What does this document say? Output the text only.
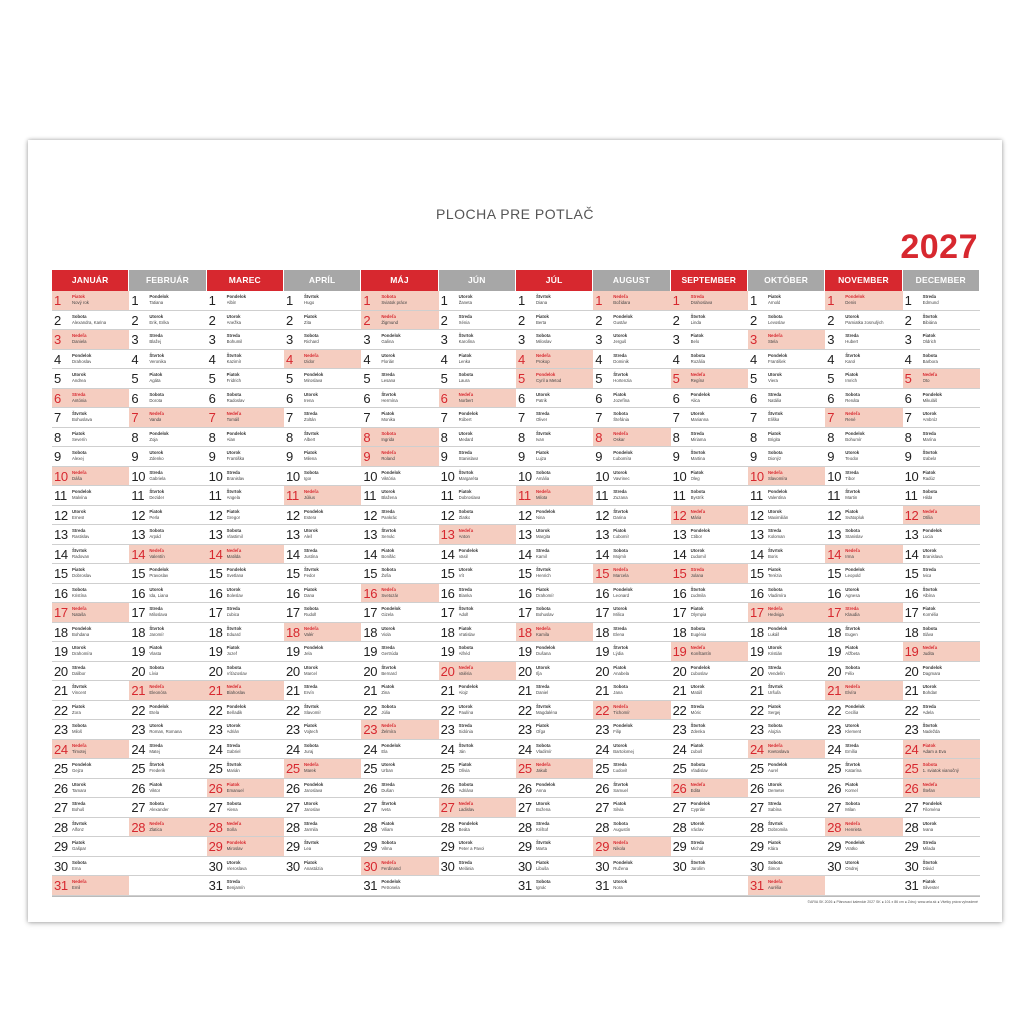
PLOCHA PRE POTLAČ
2027
JANUÁR
1	Piatok
Nový rok
2	Sobota
Alexandra, Karina
3	Nedeľa
Daniela
4	Pondelok
Drahoslav
5	Utorok
Andrea
6	Streda
Antónia
7	Štvrtok
Bohuslava
8	Piatok
Severín
9	Sobota
Alexej
10 Nedeľa
Dáša
11 Pondelok
Malvína
12 Utorok
Ernest
13 Streda
Rastislav
14 Štvrtok
Radovan
15 Piatok
Dobroslav
16 Sobota
Kristína
17 Nedeľa
Nataša
18 Pondelok
Bohdana
19 Utorok
Drahomíra
20 Streda
Dalibor
21 Štvrtok
Vincent
22 Piatok
Zora
23 Sobota
Miloš
24 Nedeľa
Timotej
25 Pondelok
Gejza
26 Utorok
Tamara
27 Streda
Bohuš
28 Štvrtok
Alfonz
29 Piatok
Gašpar
30 Sobota
Ema
31 Nedeľa
Emil
FEBRUÁR
1	Pondelok
Tatiana
2	Utorok
Erik, Erika
3	Streda
Blažej
4	Štvrtok
Veronika
5	Piatok
Agáta
6	Sobota
Dorota
7	Nedeľa
Vanda
8	Pondelok
Zoja
9	Utorok
Zdenko
10 Streda
Gabriela
11 Štvrtok
Dezider
12 Piatok
Perla
13 Sobota
Arpád
14 Nedeľa
Valentín
15 Pondelok
Pravoslav
16 Utorok
Ida, Liana
17 Streda
Miloslava
18 Štvrtok
Jaromír
19 Piatok
Vlasta
20 Sobota
Lívia
21 Nedeľa
Eleonóra
22 Pondelok
Etela
23 Utorok
Roman, Romana
24 Streda
Matej
25 Štvrtok
Frederik
26 Piatok
Viktor
27 Sobota
Alexander
28 Nedeľa
Zlatica
MAREC
1	Pondelok
Albín
2	Utorok
Anežka
3	Streda
Bohumil
4	Štvrtok
Kazimír
5	Piatok
Fridrich
6	Sobota
Radoslav
7	Nedeľa
Tomáš
8	Pondelok
Alan
9	Utorok
Františka
10 Streda
Branislav
11 Štvrtok
Angela
12 Piatok
Gregor
13 Sobota
Vlastimil
14 Nedeľa
Matilda
15 Pondelok
Svetlana
16 Utorok
Boleslav
17 Streda
Ľubica
18 Štvrtok
Eduard
19 Piatok
Jozef
20 Sobota
Víťazoslav
21 Nedeľa
Blahoslav
22 Pondelok
Beňadik
23 Utorok
Adrián
24 Streda
Gabriel
25 Štvrtok
Marián
26 Piatok
Emanuel
27 Sobota
Alena
28 Nedeľa
Soňa
29 Pondelok
Miroslav
30 Utorok
Vieroslava
31 Streda
Benjamín
APRÍL
1	Štvrtok
Hugo
2	Piatok
Zita
3	Sobota
Richard
4	Nedeľa
Izidor
5	Pondelok
Miroslava
6	Utorok
Irena
7	Streda
Zoltán
8	Štvrtok
Albert
9	Piatok
Milena
10 Sobota
Igor
11 Nedeľa
Július
12 Pondelok
Estera
13 Utorok
Aleš
14 Streda
Justína
15 Štvrtok
Fedor
16 Piatok
Dana
17 Sobota
Rudolf
18 Nedeľa
Valér
19 Pondelok
Jela
20 Utorok
Marcel
21 Streda
Ervín
22 Štvrtok
Slavomír
23 Piatok
Vojtech
24 Sobota
Juraj
25 Nedeľa
Marek
26 Pondelok
Jaroslava
27 Utorok
Jaroslav
28 Streda
Jarmila
29 Štvrtok
Lea
30 Piatok
Anastázia
MÁJ
1	Sobota
Sviatok práce
2	Nedeľa
Žigmund
3	Pondelok
Galina
4	Utorok
Florián
5	Streda
Lesana
6	Štvrtok
Hermína
7	Piatok
Monika
8	Sobota
Ingrida
9	Nedeľa
Roland
10 Pondelok
Viktória
11 Utorok
Blažena
12 Streda
Pankrác
13 Štvrtok
Servác
14 Piatok
Bonifác
15 Sobota
Žofia
16 Nedeľa
Svetozár
17 Pondelok
Gizela
18 Utorok
Viola
19 Streda
Gertrúda
20 Štvrtok
Bernard
21 Piatok
Zina
22 Sobota
Júlia
23 Nedeľa
Želmíra
24 Pondelok
Ela
25 Utorok
Urban
26 Streda
Dušan
27 Štvrtok
Iveta
28 Piatok
Viliam
29 Sobota
Vilma
30 Nedeľa
Ferdinand
31 Pondelok
Petronela
JÚN
1	Utorok
Žaneta
2	Streda
Xénia
3	Štvrtok
Karolína
4	Piatok
Lenka
5	Sobota
Laura
6	Nedeľa
Norbert
7	Pondelok
Róbert
8	Utorok
Medard
9	Streda
Stanislava
10 Štvrtok
Margaréta
11 Piatok
Dobroslava
12 Sobota
Zlatko
13 Nedeľa
Anton
14 Pondelok
Vasil
15 Utorok
Vít
16 Streda
Blanka
17 Štvrtok
Adolf
18 Piatok
Vratislav
19 Sobota
Alfréd
20 Nedeľa
Valéria
21 Pondelok
Alojz
22 Utorok
Paulína
23 Streda
Sidónia
24 Štvrtok
Ján
25 Piatok
Olívia
26 Sobota
Adriána
27 Nedeľa
Ladislav
28 Pondelok
Beáta
29 Utorok
Peter a Pavol
30 Streda
Melánia
JÚL
1	Štvrtok
Diana
2	Piatok
Berta
3	Sobota
Miloslav
4	Nedeľa
Prokop
5	Pondelok
Cyril a Metod
6	Utorok
Patrik
7	Streda
Oliver
8	Štvrtok
Ivan
9	Piatok
Lujza
10 Sobota
Amália
11 Nedeľa
Milota
12 Pondelok
Nina
13 Utorok
Margita
14 Streda
Kamil
15 Štvrtok
Henrich
16 Piatok
Drahomír
17 Sobota
Bohuslav
18 Nedeľa
Kamila
19 Pondelok
Dušana
20 Utorok
Iľja
21 Streda
Daniel
22 Štvrtok
Magdaléna
23 Piatok
Oľga
24 Sobota
Vladimír
25 Nedeľa
Jakub
26 Pondelok
Anna
27 Utorok
Božena
28 Streda
Krištof
29 Štvrtok
Marta
30 Piatok
Libuša
31 Sobota
Ignác
AUGUST
1	Nedeľa
Božidara
2	Pondelok
Gustáv
3	Utorok
Jerguš
4	Streda
Dominik
5	Štvrtok
Hortenzia
6	Piatok
Jozefína
7	Sobota
Štefánia
8	Nedeľa
Oskar
9	Pondelok
Ľubomíra
10 Utorok
Vavrinec
11 Streda
Zuzana
12 Štvrtok
Darina
13 Piatok
Ľubomír
14 Sobota
Mojmír
15 Nedeľa
Marcela
16 Pondelok
Leonard
17 Utorok
Milica
18 Streda
Elena
19 Štvrtok
Lýdia
20 Piatok
Anabela
21 Sobota
Jana
22 Nedeľa
Tichomír
23 Pondelok
Filip
24 Utorok
Bartolomej
25 Streda
Ľudovít
26 Štvrtok
Samuel
27 Piatok
Silvia
28 Sobota
Augustín
29 Nedeľa
Nikola
30 Pondelok
Ružena
31 Utorok
Nora
SEPTEMBER
1	Streda
Drahoslava
2	Štvrtok
Linda
3	Piatok
Belo
4	Sobota
Rozália
5	Nedeľa
Regína
6	Pondelok
Alica
7	Utorok
Marianna
8	Streda
Miriama
9	Štvrtok
Martina
10 Piatok
Oleg
11 Sobota
Bystrík
12 Nedeľa
Mária
13 Pondelok
Ctibor
14 Utorok
Ľudomil
15 Streda
Jolana
16 Štvrtok
Ľudmila
17 Piatok
Olympia
18 Sobota
Eugénia
19 Nedeľa
Konštantín
20 Pondelok
Ľuboslav
21 Utorok
Matúš
22 Streda
Móric
23 Štvrtok
Zdenka
24 Piatok
Ľuboš
25 Sobota
Vladislav
26 Nedeľa
Edita
27 Pondelok
Cyprián
28 Utorok
Václav
29 Streda
Michal
30 Štvrtok
Jarolím
OKTÓBER
1	Piatok
Arnold
2	Sobota
Levoslav
3	Nedeľa
Stela
4	Pondelok
František
5	Utorok
Viera
6	Streda
Natália
7	Štvrtok
Eliška
8	Piatok
Brigita
9	Sobota
Dionýz
10 Nedeľa
Slavomíra
11 Pondelok
Valentína
12 Utorok
Maximilián
13 Streda
Koloman
14 Štvrtok
Boris
15 Piatok
Terézia
16 Sobota
Vladimíra
17 Nedeľa
Hedviga
18 Pondelok
Lukáš
19 Utorok
Kristián
20 Streda
Vendelín
21 Štvrtok
Uršuľa
22 Piatok
Sergej
23 Sobota
Alojzia
24 Nedeľa
Kvetoslava
25 Pondelok
Aurel
26 Utorok
Demeter
27 Streda
Sabína
28 Štvrtok
Dobromila
29 Piatok
Klára
30 Sobota
Šimon
31 Nedeľa
Aurélia
NOVEMBER
1	Pondelok
Denis
2	Utorok
Pamiatka zosnulých
3	Streda
Hubert
4	Štvrtok
Karol
5	Piatok
Imrich
6	Sobota
Renáta
7	Nedeľa
René
8	Pondelok
Bohumír
9	Utorok
Teodor
10 Streda
Tibor
11 Štvrtok
Martin
12 Piatok
Svätopluk
13 Sobota
Stanislav
14 Nedeľa
Irma
15 Pondelok
Leopold
16 Utorok
Agnesa
17 Streda
Klaudia
18 Štvrtok
Eugen
19 Piatok
Alžbeta
20 Sobota
Félix
21 Nedeľa
Elvíra
22 Pondelok
Cecília
23 Utorok
Klement
24 Streda
Emília
25 Štvrtok
Katarína
26 Piatok
Kornel
27 Sobota
Milan
28 Nedeľa
Henrieta
29 Pondelok
Vratko
30 Utorok
Ondrej
DECEMBER
1	Streda
Edmund
2	Štvrtok
Bibiána
3	Piatok
Oldrich
4	Sobota
Barbora
5	Nedeľa
Oto
6	Pondelok
Mikuláš
7	Utorok
Ambróz
8	Streda
Marína
9	Štvrtok
Izabela
10 Piatok
Radúz
11 Sobota
Hilda
12 Nedeľa
Otília
13 Pondelok
Lucia
14 Utorok
Branislava
15 Streda
Ivica
16 Štvrtok
Albína
17 Piatok
Kornélia
18 Sobota
Sláva
19 Nedeľa
Judita
20 Pondelok
Dagmara
21 Utorok
Bohdan
22 Streda
Adela
23 Štvrtok
Nadežda
24 Piatok
Adam a Eva
25 Sobota
1. sviatok vianočný
26 Nedeľa
Štefan
27 Pondelok
Filoména
28 Utorok
Ivana
29 Streda
Milada
30 Štvrtok
Dávid
31 Piatok
Silvester
©ARIA SK 2026 ● Plánovací kalendár 2027 SK ● 101 x 86 cm ● Zdroj: www.aria.sk ● Všetky práva vyhradené
